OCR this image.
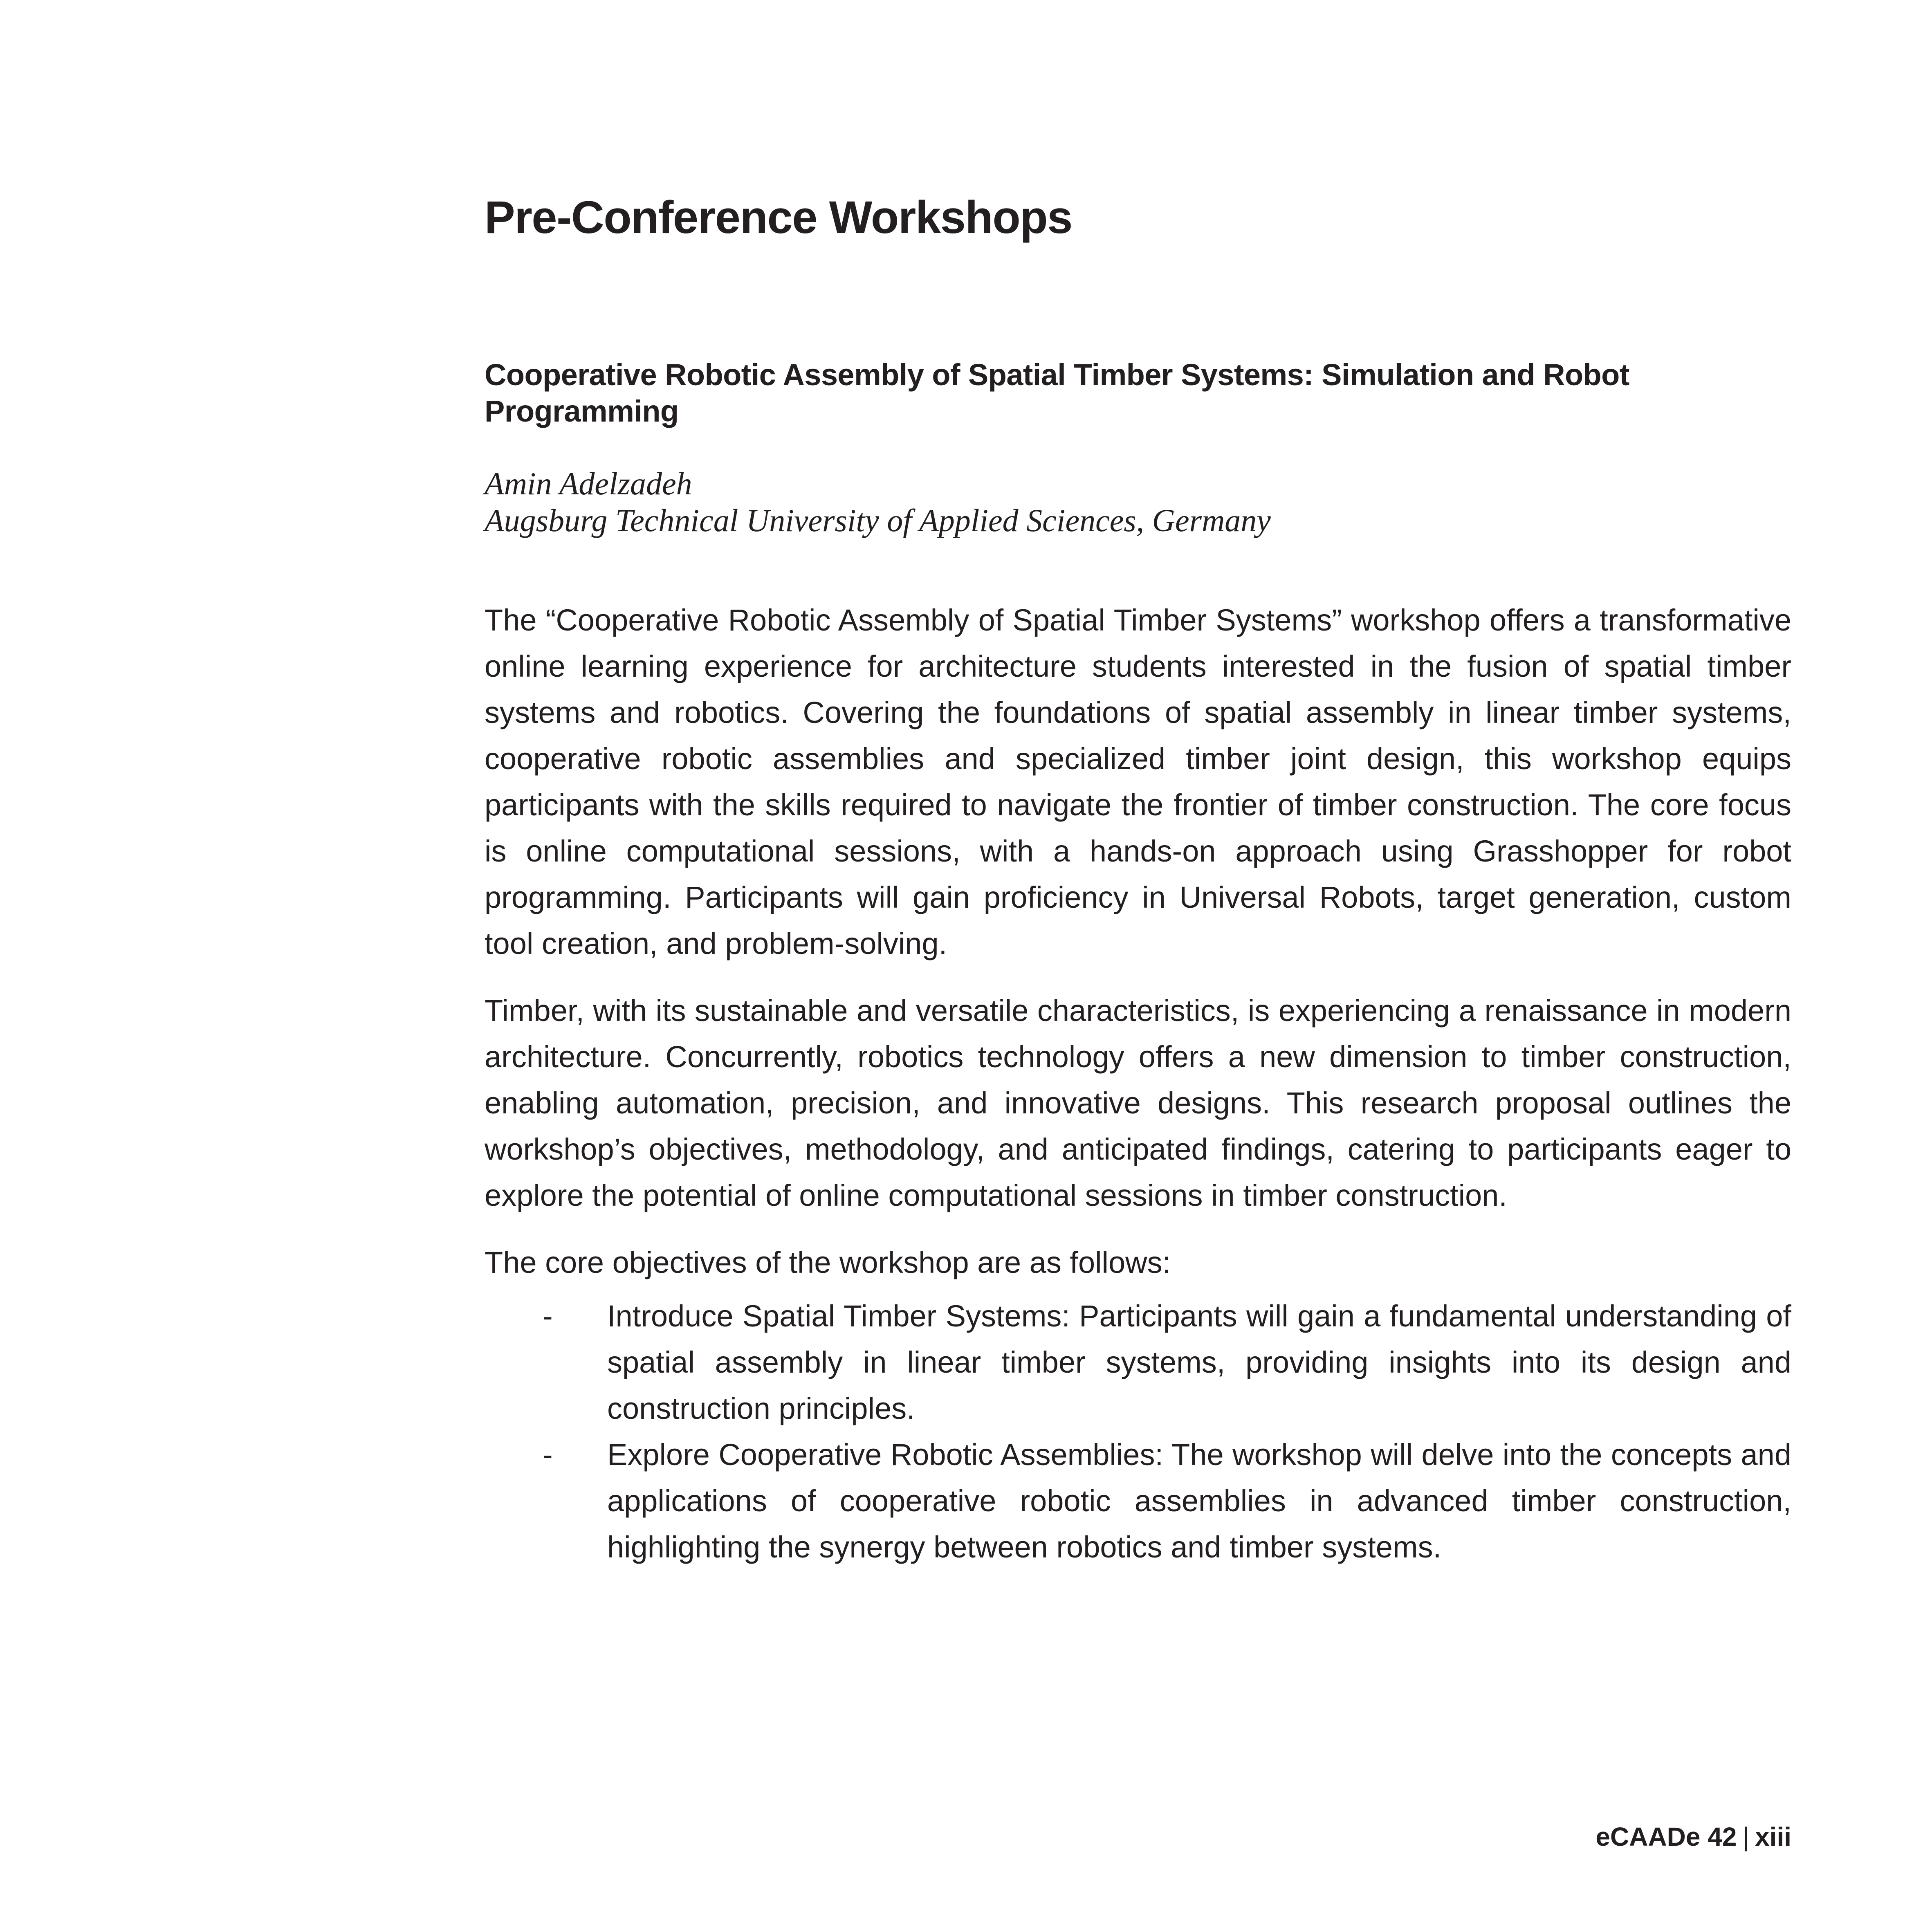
Pre-Conference Workshops
Cooperative Robotic Assembly of Spatial Timber Systems: Simulation and Robot Programming
Amin Adelzadeh
Augsburg Technical University of Applied Sciences, Germany

The “Cooperative Robotic Assembly of Spatial Timber Systems” workshop offers a transformative online learning experience for architecture students interested in the fusion of spatial timber systems and robotics. Covering the foundations of spatial assembly in linear timber systems, cooperative robotic assemblies and specialized timber joint design, this workshop equips participants with the skills required to navigate the frontier of timber construction. The core focus is online computational sessions, with a hands-on approach using Grasshopper for robot programming. Participants will gain proficiency in Universal Robots, target generation, custom tool creation, and problem-solving.

Timber, with its sustainable and versatile characteristics, is experiencing a renaissance in modern architecture. Concurrently, robotics technology offers a new dimension to timber construction, enabling automation, precision, and innovative designs. This research proposal outlines the workshop’s objectives, methodology, and anticipated findings, catering to participants eager to explore the potential of online computational sessions in timber construction.

The core objectives of the workshop are as follows:

- Introduce Spatial Timber Systems: Participants will gain a fundamental understanding of spatial assembly in linear timber systems, providing insights into its design and construction principles.
- Explore Cooperative Robotic Assemblies: The workshop will delve into the concepts and applications of cooperative robotic assemblies in advanced timber construction, highlighting the synergy between robotics and timber systems.
eCAADe 42 | xiii
